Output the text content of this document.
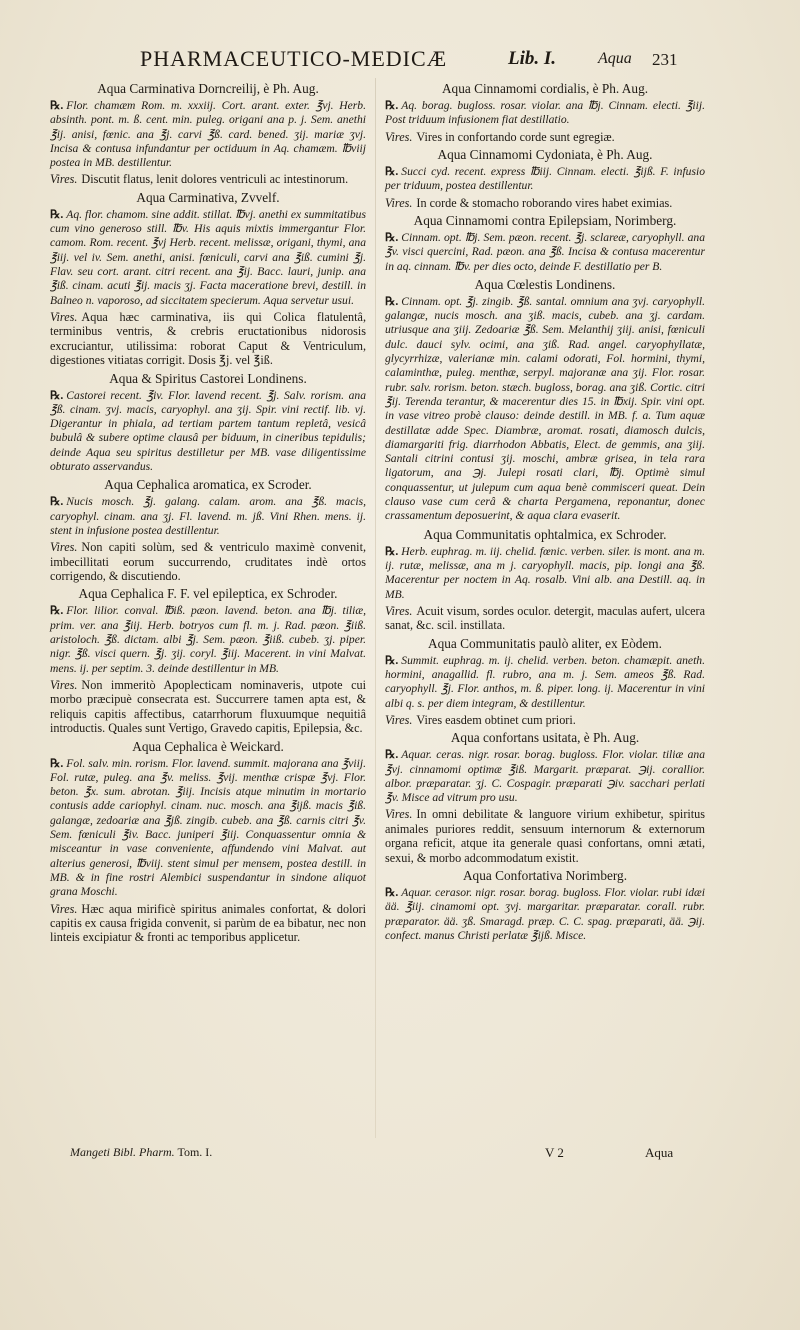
PHARMACEUTICO-MEDICÆ	Lib. I.	Aqua 231
Aqua Carminativa Dorncreilij, è Ph. Aug.

℞. Flor. chamæm Rom. m. xxxiij. Cort. arant. exter. ℥vj. Herb. absinth. pont. m. ß. cent. min. puleg. origani ana p. j. Sem. anethi ℥ij. anisi, fœnic. ana ℥j. carvi ℥ß. card. bened. ʒij. mariæ ʒvj. Incisa & contusa infundantur per octiduum in Aq. chamæm. ℔viij postea in MB. destillentur.

Vires. Discutit flatus, lenit dolores ventriculi ac intestinorum.

Aqua Carminativa, Zvvelf.

℞. Aq. flor. chamom. sine addit. stillat. ℔vj. anethi ex summitatibus cum vino generoso still. ℔v. His aquis mixtis immergantur Flor. camom. Rom. recent. ℥vj Herb. recent. melissæ, origani, thymi, ana ℥iij. vel iv. Sem. anethi, anisi. fœniculi, carvi ana ℥iß. cumini ℥j. Flav. seu cort. arant. citri recent. ana ℥ij. Bacc. lauri, junip. ana ℥iß. cinam. acuti ℥ij. macis ʒj. Facta maceratione brevi, destill. in Balneo n. vaporoso, ad siccitatem specierum. Aqua servetur usui.

Vires. Aqua hæc carminativa, iis qui Colica flatulentâ, terminibus ventris, & crebris eructationibus nidorosis excruciantur, utilissima: roborat Caput & Ventriculum, digestiones vitiatas corrigit. Dosis ℥j. vel ℥iß.

Aqua & Spiritus Castorei Londinens.

℞. Castorei recent. ℥iv. Flor. lavend recent. ℥j. Salv. rorism. ana ℥ß. cinam. ʒvj. macis, caryophyl. ana ʒij. Spir. vini rectif. lib. vj. Digerantur in phiala, ad tertiam partem tantum repletâ, vesicâ bubulâ & subere optime clausâ per biduum, in cineribus tepidulis; deinde Aqua seu spiritus destilletur per MB. vase diligentissime obturato asservandus.

Aqua Cephalica aromatica, ex Scroder.

℞. Nucis mosch. ℥j. galang. calam. arom. ana ℥ß. macis, caryophyl. cinam. ana ʒj. Fl. lavend. m. jß. Vini Rhen. mens. ij. stent in infusione postea destillentur.

Vires. Non capiti solùm, sed & ventriculo maximè convenit, imbecillitati eorum succurrendo, cruditates indè ortos corrigendo, & discutiendo.

Aqua Cephalica F. F. vel epileptica, ex Schroder.

℞. Flor. lilior. conval. ℔iß. pæon. lavend. beton. ana ℔j. tiliæ, prim. ver. ana ℥iij. Herb. botryos cum fl. m. j. Rad. pæon. ℥iiß. aristoloch. ℥ß. dictam. albi ℥j. Sem. pæon. ℥iiß. cubeb. ʒj. piper. nigr. ℥ß. visci quern. ℥j. ʒij. coryl. ℥iij. Macerent. in vini Malvat. mens. ij. per septim. 3. deinde destillentur in MB.

Vires. Non immeritò Apoplecticam nominaveris, utpote cui morbo præcipuè consecrata est. Succurrere tamen apta est, & reliquis capitis affectibus, catarrhorum fluxuumque nequitiâ introductis. Quales sunt Vertigo, Gravedo capitis, Epilepsia, &c.

Aqua Cephalica è Weickard.

℞. Fol. salv. min. rorism. Flor. lavend. summit. majorana ana ℥viij. Fol. rutæ, puleg. ana ℥v. meliss. ℥vij. menthæ crispæ ℥vj. Flor. beton. ℥x. sum. abrotan. ℥iij. Incisis atque minutim in mortario contusis adde cariophyl. cinam. nuc. mosch. ana ℥ijß. macis ℥iß. galangæ, zedoariæ ana ℥jß. zingib. cubeb. ana ℥ß. carnis citri ℥v. Sem. fœniculi ℥iv. Bacc. juniperi ℥iij. Conquassentur omnia & misceantur in vase conveniente, affundendo vini Malvat. aut alterius generosi, ℔viij. stent simul per mensem, postea destill. in MB. & in fine rostri Alembici suspendantur in sindone aliquot grana Moschi.

Vires. Hæc aqua mirificè spiritus animales confortat, & dolori capitis ex causa frigida convenit, si parùm de ea bibatur, nec non linteis excipiatur & fronti ac temporibus applicetur.

Aqua Cinnamomi cordialis, è Ph. Aug.

℞. Aq. borag. bugloss. rosar. violar. ana ℔j. Cinnam. electi. ℥iij. Post triduum infusionem fiat destillatio.

Vires. Vires in confortando corde sunt egregiæ.

Aqua Cinnamomi Cydoniata, è Ph. Aug.

℞. Succi cyd. recent. express ℔iij. Cinnam. electi. ℥ijß. F. infusio per triduum, postea destillentur.

Vires. In corde & stomacho roborando vires habet eximias.

Aqua Cinnamomi contra Epilepsiam, Norimberg.

℞. Cinnam. opt. ℔j. Sem. pæon. recent. ℥j. sclareæ, caryophyll. ana ℥v. visci quercini, Rad. pæon. ana ℥ß. Incisa & contusa macerentur in aq. cinnam. ℔v. per dies octo, deinde F. destillatio per B.

Aqua Cœlestis Londinens.

℞. Cinnam. opt. ℥j. zingib. ℥ß. santal. omnium ana ʒvj. caryophyll. galangæ, nucis mosch. ana ʒiß. macis, cubeb. ana ʒj. cardam. utriusque ana ʒiij. Zedoariæ ℥ß. Sem. Melanthij ʒiij. anisi, fœniculi dulc. dauci sylv. ocimi, ana ʒiß. Rad. angel. caryophyllatæ, glycyrrhizæ, valerianæ min. calami odorati, Fol. hormini, thymi, calaminthæ, puleg. menthæ, serpyl. majoranæ ana ʒij. Flor. rosar. rubr. salv. rorism. beton. stæch. bugloss, borag. ana ʒiß. Cortic. citri ℥ij. Terenda terantur, & macerentur dies 15. in ℔xij. Spir. vini opt. in vase vitreo probè clauso: deinde destill. in MB. f. a. Tum aquæ destillatæ adde Spec. Diambræ, aromat. rosati, diamosch dulcis, diamargariti frig. diarrhodon Abbatis, Elect. de gemmis, ana ʒiij. Santali citrini contusi ʒij. moschi, ambræ grisea, in tela rara ligatorum, ana ℈j. Julepi rosati clari, ℔j. Optimè simul conquassentur, ut julepum cum aqua benè commisceri queat. Dein clauso vase cum cerâ & charta Pergamena, reponantur, donec crassamentum deposuerint, & aqua clara evaserit.

Aqua Communitatis ophtalmica, ex Schroder.

℞. Herb. euphrag. m. iij. chelid. fœnic. verben. siler. is mont. ana m. ij. rutæ, melissæ, ana m j. caryophyll. macis, pip. longi ana ℥ß. Macerentur per noctem in Aq. rosalb. Vini alb. ana Destill. aq. in MB.

Vires. Acuit visum, sordes oculor. detergit, maculas aufert, ulcera sanat, &c. scil. instillata.

Aqua Communitatis paulò aliter, ex Eòdem.

℞. Summit. euphrag. m. ij. chelid. verben. beton. chamæpit. aneth. hormini, anagallid. fl. rubro, ana m. j. Sem. ameos ℥ß. Rad. caryophyll. ℥j. Flor. anthos, m. ß. piper. long. ij. Macerentur in vini albi q. s. per diem integram, & destillentur.

Vires. Vires easdem obtinet cum priori.

Aqua confortans usitata, è Ph. Aug.

℞. Aquar. ceras. nigr. rosar. borag. bugloss. Flor. violar. tiliæ ana ℥vj. cinnamomi optimæ ℥iß. Margarit. præparat. ℈ij. corallior. albor. præparatar. ʒj. C. Cospagir. præparati ℈iv. sacchari perlati ℥v. Misce ad vitrum pro usu.

Vires. In omni debilitate & languore virium exhibetur, spiritus animales puriores reddit, sensuum internorum & externorum organa reficit, atque ita generale quasi confortans, omni ætati, sexui, & morbo adcommodatum existit.

Aqua Confortativa Norimberg.

℞. Aquar. cerasor. nigr. rosar. borag. bugloss. Flor. violar. rubi idæi ää. ℥iij. cinamomi opt. ʒvj. margaritar. præparatar. corall. rubr. præparator. ää. ʒß. Smaragd. præp. C. C. spag. præparati, ää. ℈ij. confect. manus Christi perlatæ ℥ijß. Misce.

Mangeti Bibl. Pharm. Tom. I.	V 2	Aqua
